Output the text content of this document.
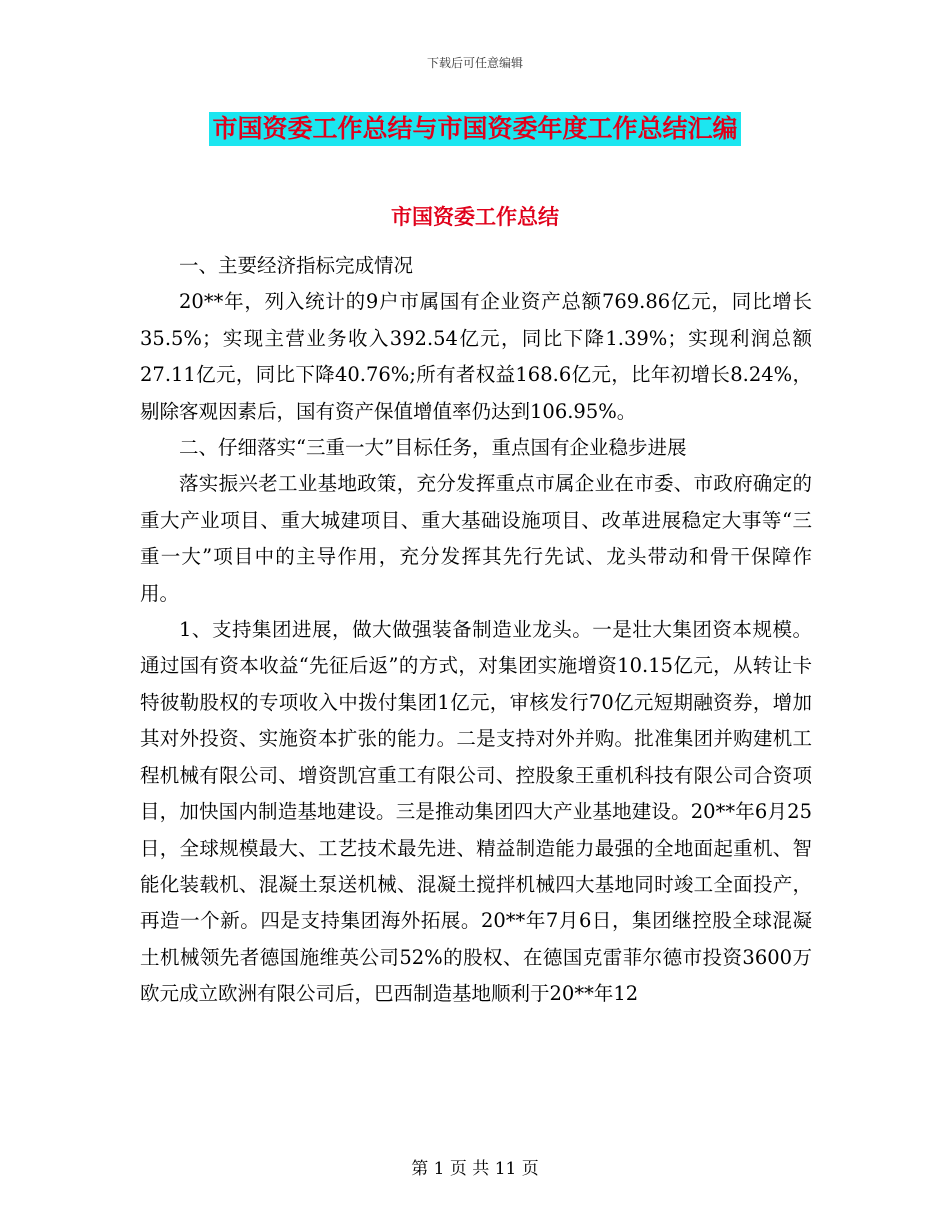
下载后可任意编辑
市国资委工作总结与市国资委年度工作总结汇编
市国资委工作总结

一、主要经济指标完成情况

20**年，列入统计的9户市属国有企业资产总额769.86亿元，同比增长35.5%；实现主营业务收入392.54亿元，同比下降1.39%；实现利润总额27.11亿元，同比下降40.76%;所有者权益168.6亿元，比年初增长8.24%，剔除客观因素后，国有资产保值增值率仍达到106.95%。

二、仔细落实“三重一大”目标任务，重点国有企业稳步进展

落实振兴老工业基地政策，充分发挥重点市属企业在市委、市政府确定的重大产业项目、重大城建项目、重大基础设施项目、改革进展稳定大事等“三重一大”项目中的主导作用，充分发挥其先行先试、龙头带动和骨干保障作用。

1、支持集团进展，做大做强装备制造业龙头。一是壮大集团资本规模。通过国有资本收益“先征后返”的方式，对集团实施增资10.15亿元，从转让卡特彼勒股权的专项收入中拨付集团1亿元，审核发行70亿元短期融资券，增加其对外投资、实施资本扩张的能力。二是支持对外并购。批准集团并购建机工程机械有限公司、增资凯宫重工有限公司、控股象王重机科技有限公司合资项目，加快国内制造基地建设。三是推动集团四大产业基地建设。20**年6月25日，全球规模最大、工艺技术最先进、精益制造能力最强的全地面起重机、智能化装载机、混凝土泵送机械、混凝土搅拌机械四大基地同时竣工全面投产，再造一个新。四是支持集团海外拓展。20**年7月6日，集团继控股全球混凝土机械领先者德国施维英公司52%的股权、在德国克雷菲尔德市投资3600万欧元成立欧洲有限公司后，巴西制造基地顺利于20**年12

第 1 页 共 11 页
